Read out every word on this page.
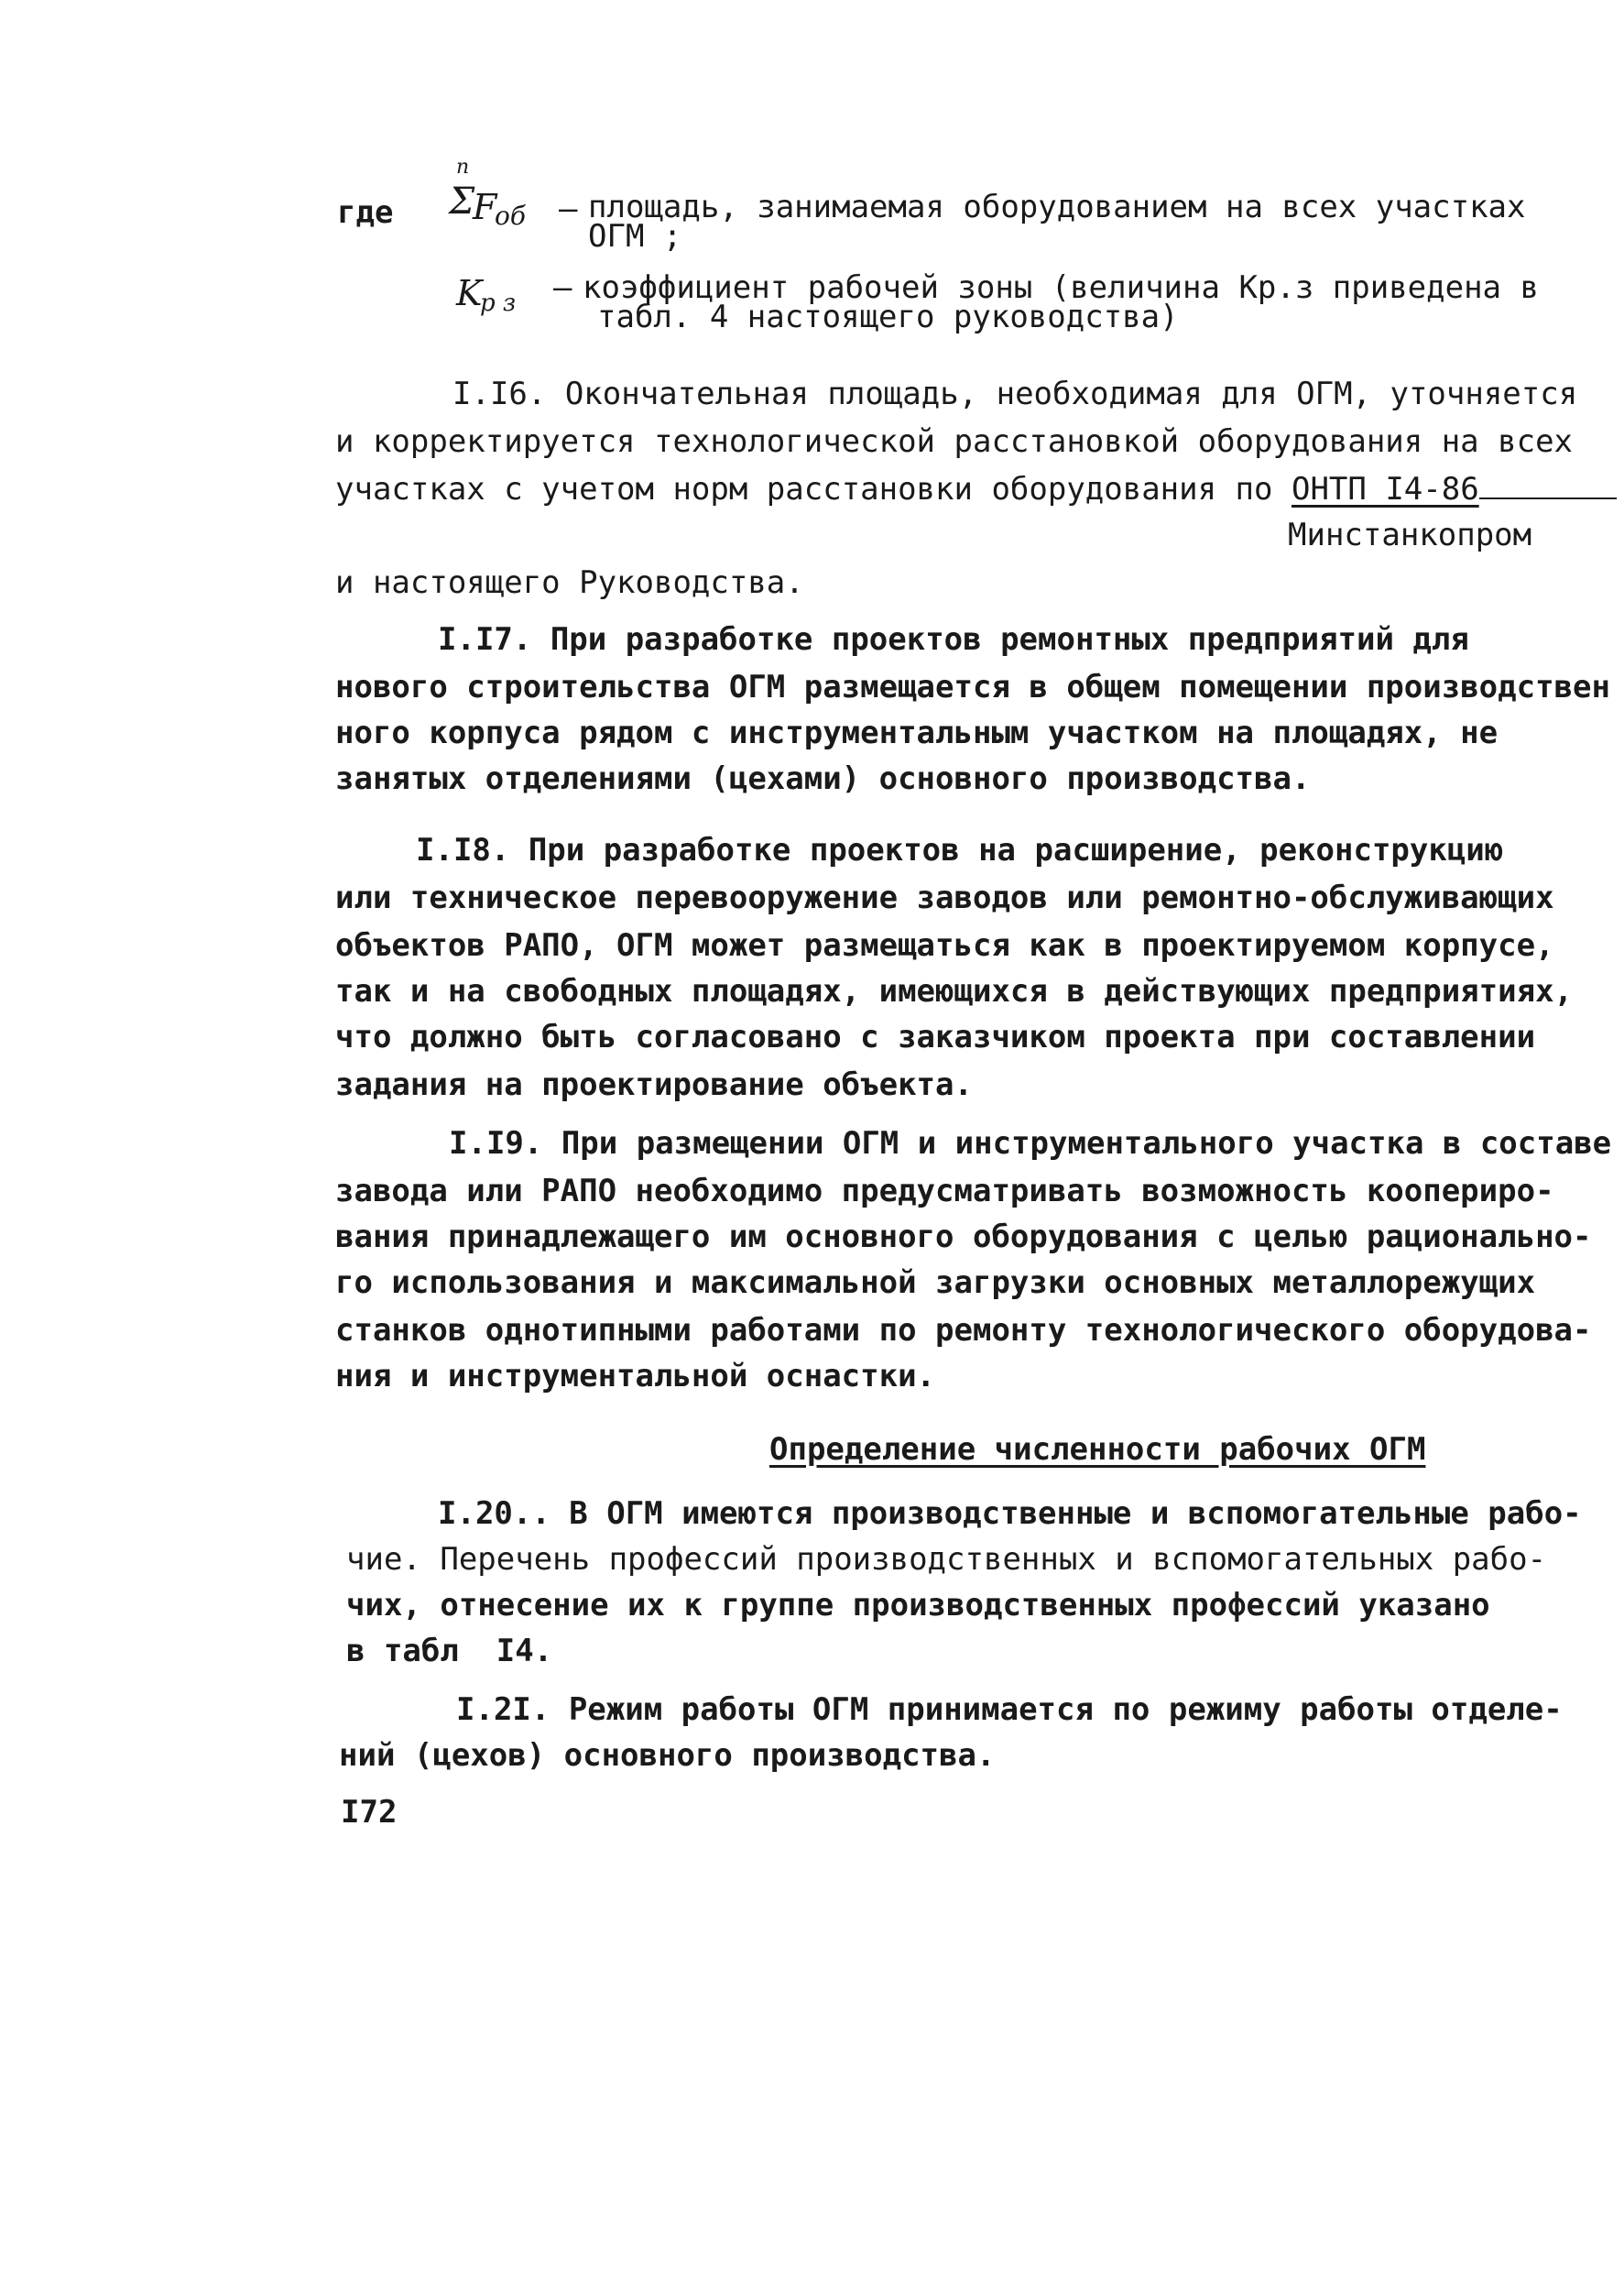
где
n
Σ
F
об – площадь, занимаемая оборудованием на всех участках
ОГМ ;
K
р з – коэффициент рабочей зоны (величина Кр.з приведена в
табл. 4 настоящего руководства)
I.I6. Окончательная площадь, необходимая для ОГМ, уточняется
и корректируется технологической расстановкой оборудования на всех
участках с учетом норм расстановки оборудования по ОНТП I4-86
Минстанкопром
и настоящего Руководства.
I.I7. При разработке проектов ремонтных предприятий для
нового строительства ОГМ размещается в общем помещении производствен
ного корпуса рядом с инструментальным участком на площадях, не
занятых отделениями (цехами) основного производства.
I.I8. При разработке проектов на расширение, реконструкцию
или техническое перевооружение заводов или ремонтно-обслуживающих
объектов РАПО, ОГМ может размещаться как в проектируемом корпусе,
так и на свободных площадях, имеющихся в действующих предприятиях,
что должно быть согласовано с заказчиком проекта при составлении
задания на проектирование объекта.
I.I9. При размещении ОГМ и инструментального участка в составе
завода или РАПО необходимо предусматривать возможность коопериро-
вания принадлежащего им основного оборудования с целью рационально-
го использования и максимальной загрузки основных металлорежущих
станков однотипными работами по ремонту технологического оборудова-
ния и инструментальной оснастки.
Определение численности рабочих ОГМ
I.20.. В ОГМ имеются производственные и вспомогательные рабо-
чие. Перечень профессий производственных и вспомогательных рабо-
чих, отнесение их к группе производственных профессий указано
в табл  I4.
I.2I. Режим работы ОГМ принимается по режиму работы отделе-
ний (цехов) основного производства.
I72
